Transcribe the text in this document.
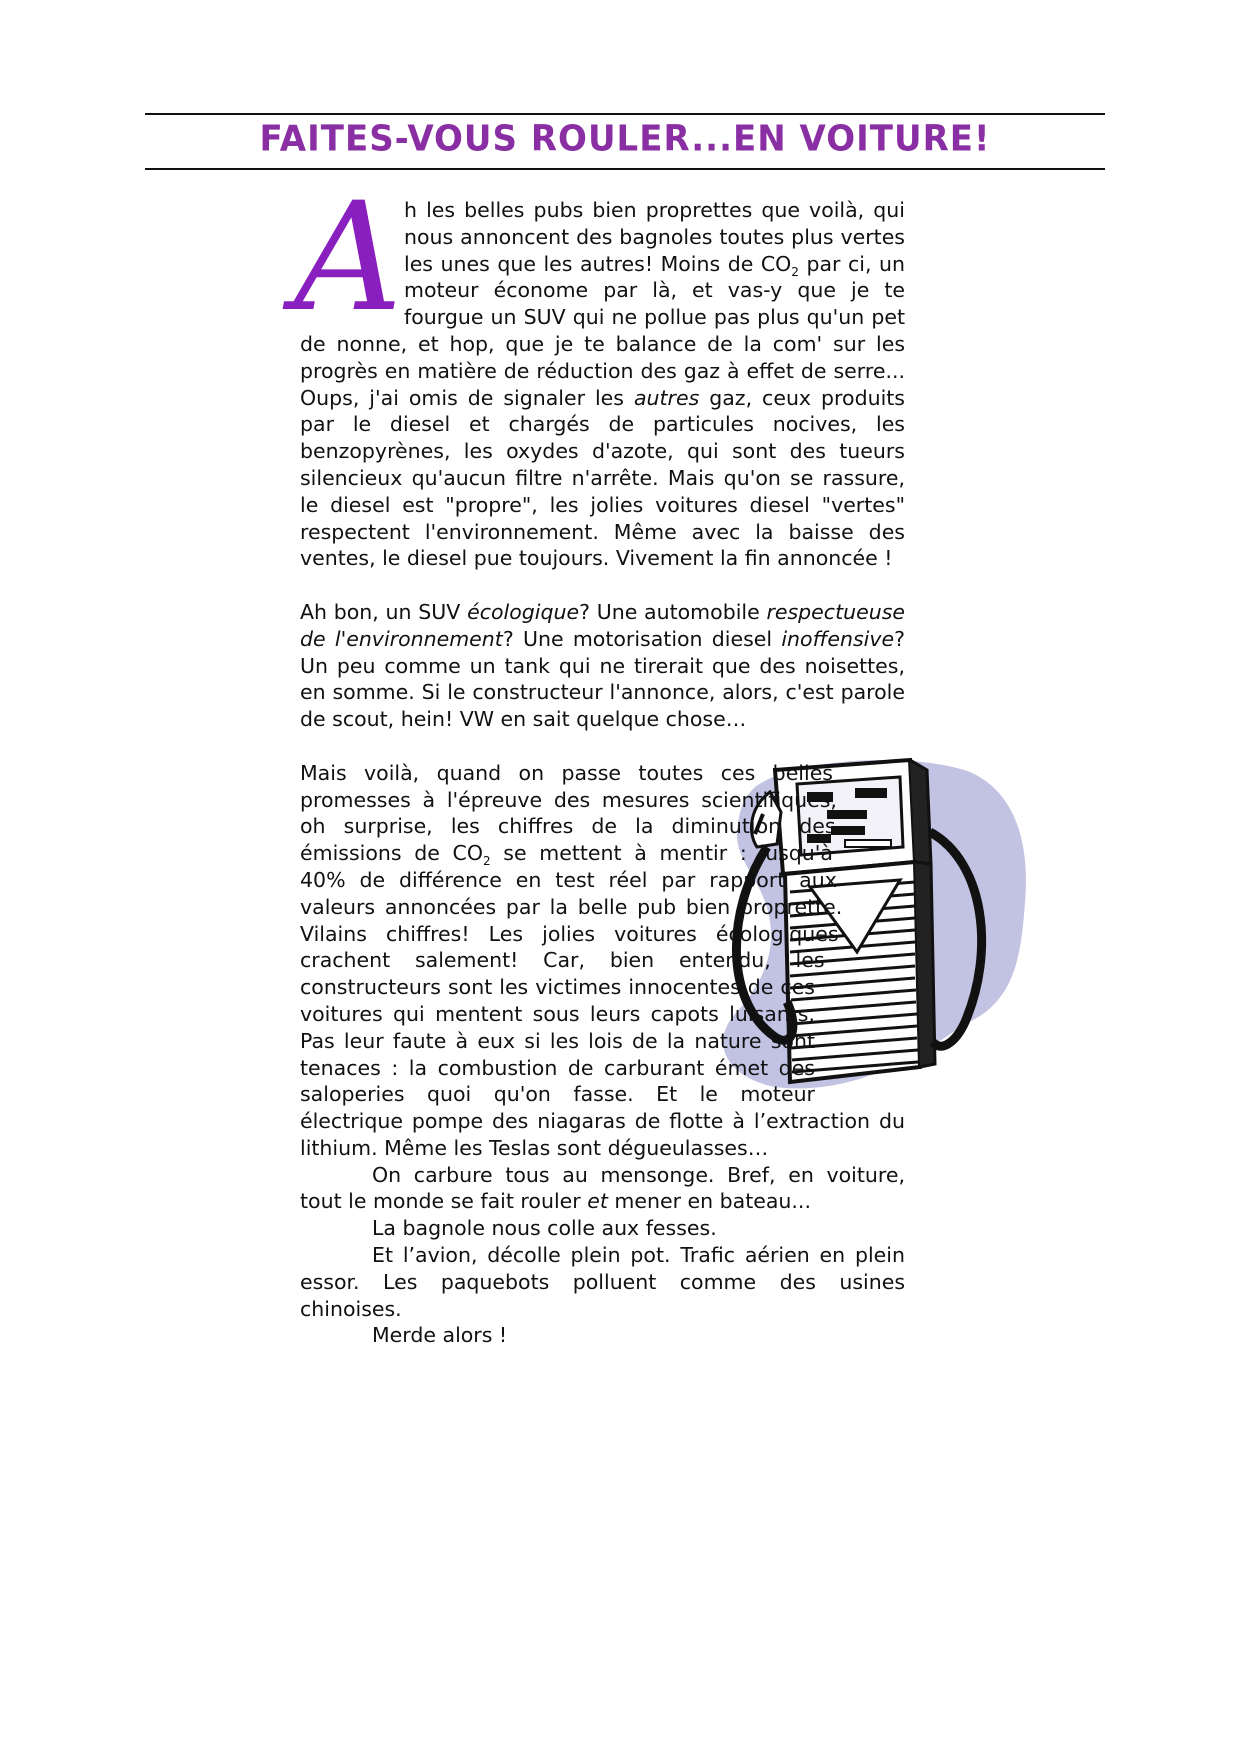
FAITES-VOUS ROULER...EN VOITURE!

Ah les belles pubs bien proprettes que voilà, qui nous annoncent des bagnoles toutes plus vertes les unes que les autres! Moins de $CO_2$ par ci, un moteur économe par là, et vas-y que je te fourgue un SUV qui ne pollue pas plus qu'un pet de nonne, et hop, que je te balance de la com' sur les progrès en matière de réduction des gaz à effet de serre... Oups, j'ai omis de signaler les autres gaz, ceux produits par le diesel et chargés de particules nocives, les benzopyrènes, les oxydes d'azote, qui sont des tueurs silencieux qu'aucun filtre n'arrête. Mais qu'on se rassure, le diesel est "propre", les jolies voitures diesel "vertes" respectent l'environnement. Même avec la baisse des ventes, le diesel pue toujours. Vivement la fin annoncée !

Ah bon, un SUV écologique? Une automobile respectueuse de l'environnement? Une motorisation diesel inoffensive? Un peu comme un tank qui ne tirerait que des noisettes, en somme. Si le constructeur l'annonce, alors, c'est parole de scout, hein! VW en sait quelque chose…

Mais voilà, quand on passe toutes ces belles promesses à l'épreuve des mesures scientifiques, oh surprise, les chiffres de la diminution des émissions de $CO_2$ se mettent à mentir : jusqu'à 40% de différence en test réel par rapport aux valeurs annoncées par la belle pub bien proprette. Vilains chiffres! Les jolies voitures écologiques crachent salement! Car, bien entendu, les constructeurs sont les victimes innocentes de ces voitures qui mentent sous leurs capots luisants. Pas leur faute à eux si les lois de la nature sont tenaces : la combustion de carburant émet des saloperies quoi qu'on fasse. Et le moteur électrique pompe des niagaras de flotte à l’extraction du lithium. Même les Teslas sont dégueulasses…

On carbure tous au mensonge. Bref, en voiture, tout le monde se fait rouler et mener en bateau...

La bagnole nous colle aux fesses.

Et l’avion, décolle plein pot. Trafic aérien en plein essor. Les paquebots polluent comme des usines chinoises.

Merde alors !
